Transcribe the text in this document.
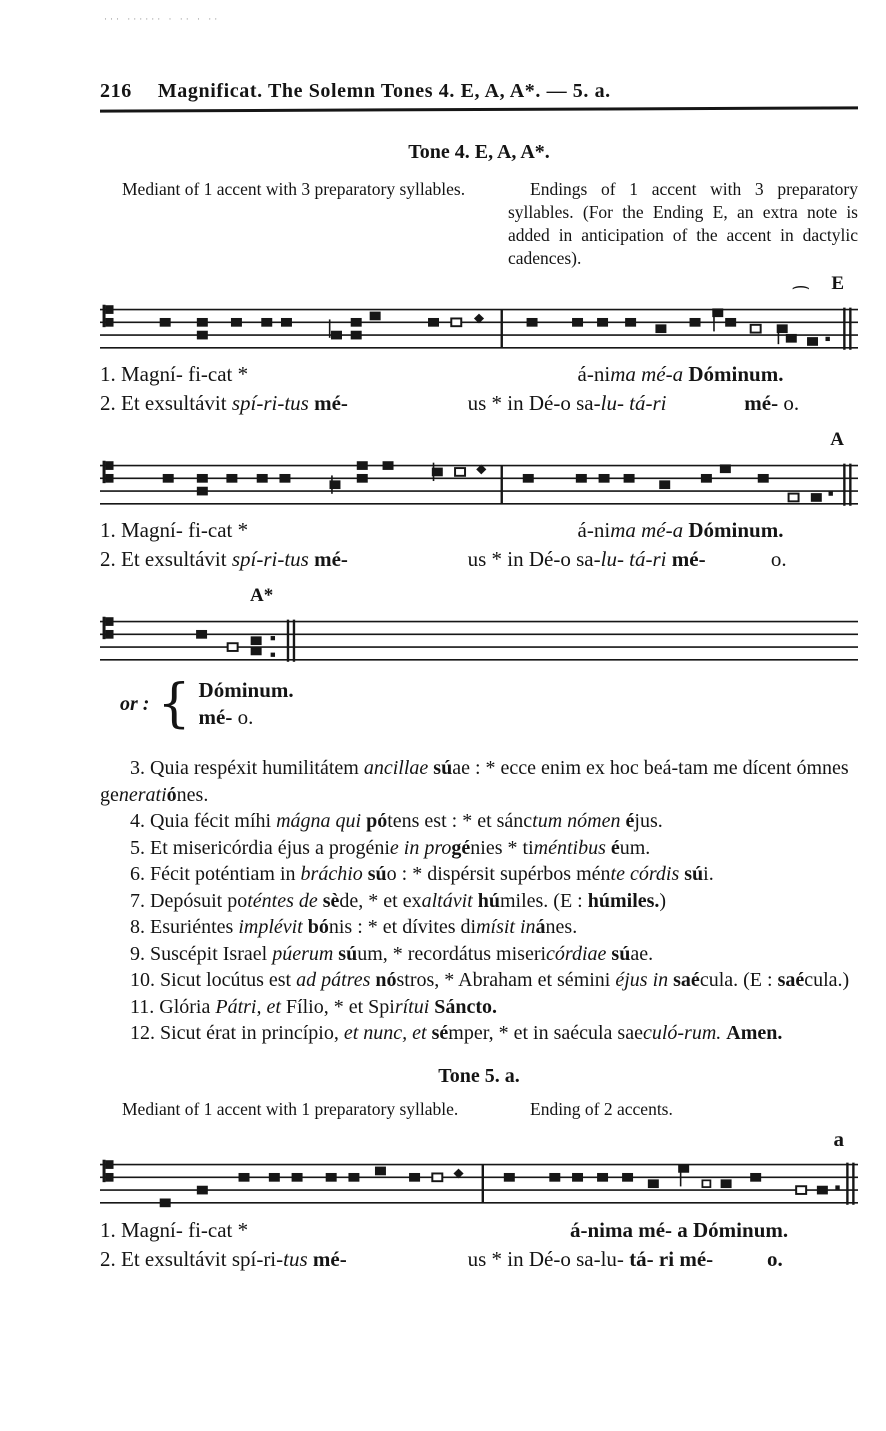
··· ······ · ·· · ··
216 Magnificat. The Solemn Tones 4. E, A, A*. — 5. a.
Tone 4. E, A, A*.

Mediant of 1 accent with 3 preparatory syllables.	Endings of 1 accent with 3 preparatory syllables. (For the Ending E, an extra note is added in anticipation of the accent in dactylic cadences).

⌢ E
1. Magní- fi-cat *	á-nima mé-a Dóminum.
2. Et exsultávit spí-ri-tus mé-	us * in Dé-o sa-lu- tá-ri	mé- o.
A
1. Magní- fi-cat *	á-nima mé-a Dóminum.
2. Et exsultávit spí-ri-tus mé-	us * in Dé-o sa-lu- tá-ri mé-	o.
A*
or : { Dóminum.
mé- o.

3. Quia respéxit humilitátem ancillae súae : * ecce enim ex hoc beá-tam me dícent ómnes generatiónes.

4. Quia fécit míhi mágna qui pótens est : * et sánctum nómen éjus.

5. Et misericórdia éjus a progénie in progénies * timéntibus éum.

6. Fécit poténtiam in bráchio súo : * dispérsit supérbos ménte córdis súi.

7. Depósuit poténtes de sède, * et exaltávit húmiles. (E : húmiles.)

8. Esuriéntes implévit bónis : * et dívites dimísit inánes.

9. Suscépit Israel púerum súum, * recordátus misericórdiae súae.

10. Sicut locútus est ad pátres nóstros, * Abraham et sémini éjus in saécula. (E : saécula.)

11. Glória Pátri, et Fílio, * et Spirítui Sáncto.

12. Sicut érat in princípio, et nunc, et sémper, * et in saécula saeculó-rum. Amen.

Tone 5. a.

Mediant of 1 accent with 1 preparatory syllable.	Ending of 2 accents.

a
1. Magní- fi-cat *	á-nima mé- a Dóminum.
2. Et exsultávit spí-ri-tus mé-	us * in Dé-o sa-lu- tá- ri mé-	o.
